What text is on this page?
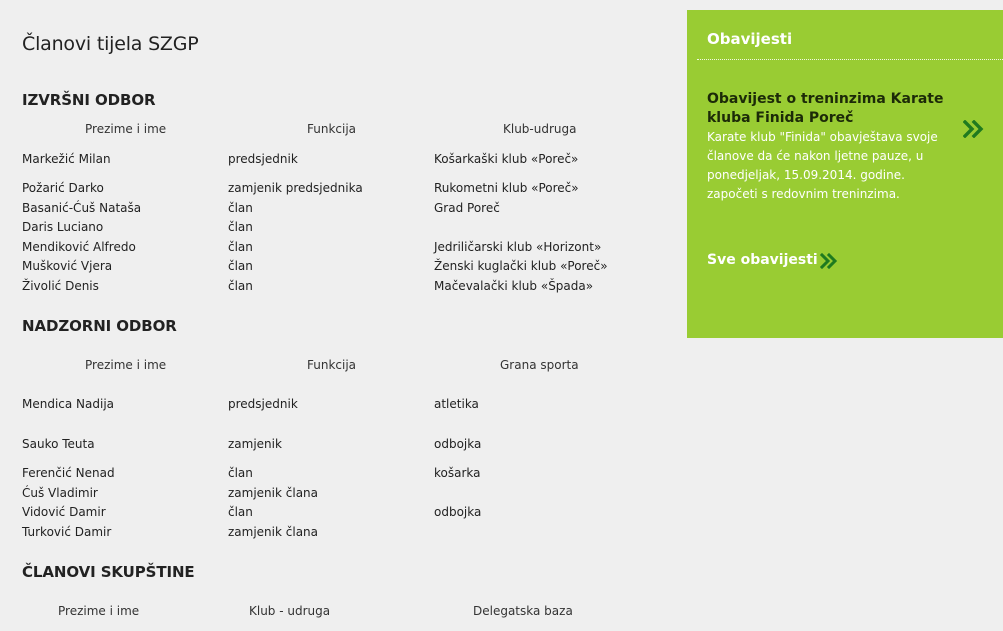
Članovi tijela SZGP
IZVRŠNI ODBOR
Prezime i ime	Funkcija	Klub-udruga
Markežić Milan	predsjednik	Košarkaški klub «Poreč»
Požarić Darko	zamjenik predsjednika	Rukometni klub «Poreč»
Basanić-Ćuš Nataša	član	Grad Poreč
Daris Luciano	član
Mendiković Alfredo	član	Jedriličarski klub «Horizont»
Mušković Vjera	član	Ženski kuglački klub «Poreč»
Živolić Denis	član	Mačevalački klub «Špada»
NADZORNI ODBOR
Prezime i ime	Funkcija	Grana sporta
Mendica Nadija	predsjednik	atletika
Sauko Teuta	zamjenik	odbojka
Ferenčić Nenad	član	košarka
Ćuš Vladimir	zamjenik člana
Vidović Damir	član	odbojka
Turković Damir	zamjenik člana
ČLANOVI SKUPŠTINE
Prezime i ime	Klub - udruga	Delegatska baza
Obavijesti
Obavijest o treninzima Karate kluba Finida Poreč
Karate klub "Finida" obavještava svoje članove da će nakon ljetne pauze, u ponedjeljak, 15.09.2014. godine. započeti s redovnim treninzima.
Sve obavijesti
